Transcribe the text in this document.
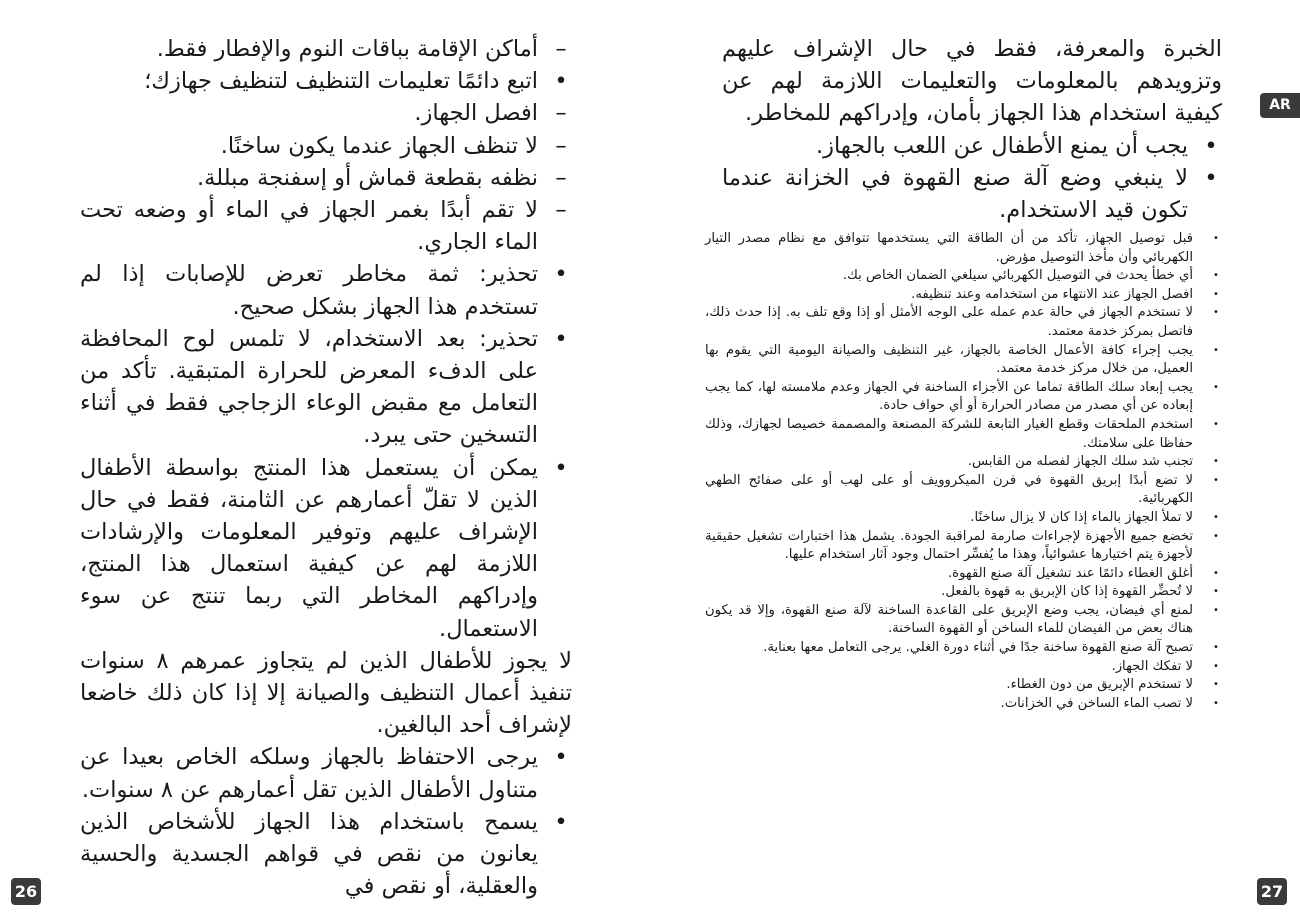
–
أماكن الإقامة بباقات النوم والإفطار فقط.
•
اتبع دائمًا تعليمات التنظيف لتنظيف جهازك؛
–
افصل الجهاز.
–
لا تنظف الجهاز عندما يكون ساخنًا.
–
نظفه بقطعة قماش أو إسفنجة مبللة.
–
لا تقم أبدًا بغمر الجهاز في الماء أو وضعه تحت الماء الجاري.
•
تحذير: ثمة مخاطر تعرض للإصابات إذا لم تستخدم هذا الجهاز بشكل صحيح.
•
تحذير: بعد الاستخدام، لا تلمس لوح المحافظة على الدفء المعرض للحرارة المتبقية. تأكد من التعامل مع مقبض الوعاء الزجاجي فقط في أثناء التسخين حتى يبرد.
•
يمكن أن يستعمل هذا المنتج بواسطة الأطفال الذين لا تقلّ أعمارهم عن الثامنة، فقط في حال الإشراف عليهم وتوفير المعلومات والإرشادات اللازمة لهم عن كيفية استعمال هذا المنتج، وإدراكهم المخاطر التي ربما تنتج عن سوء الاستعمال.
لا يجوز للأطفال الذين لم يتجاوز عمرهم ٨ سنوات تنفيذ أعمال التنظيف والصيانة إلا إذا كان ذلك خاضعا لإشراف أحد البالغين.
•
يرجى الاحتفاظ بالجهاز وسلكه الخاص بعيدا عن متناول الأطفال الذين تقل أعمارهم عن ٨ سنوات.
•
يسمح باستخدام هذا الجهاز للأشخاص الذين يعانون من نقص في قواهم الجسدية والحسية والعقلية، أو نقص في
الخبرة والمعرفة، فقط في حال الإشراف عليهم وتزويدهم بالمعلومات والتعليمات اللازمة لهم عن كيفية استخدام هذا الجهاز بأمان، وإدراكهم للمخاطر.
•
يجب أن يمنع الأطفال عن اللعب بالجهاز.
•
لا ينبغي وضع آلة صنع القهوة في الخزانة عندما تكون قيد الاستخدام.
•
قبل توصيل الجهاز، تأكد من أن الطاقة التي يستخدمها تتوافق مع نظام مصدر التيار الكهربائي وأن مأخذ التوصيل مؤرض.
•
أي خطأ يحدث في التوصيل الكهربائي سيلغي الضمان الخاص بك.
•
افصل الجهاز عند الانتهاء من استخدامه وعند تنظيفه.
•
لا تستخدم الجهاز في حالة عدم عمله على الوجه الأمثل أو إذا وقع تلف به. إذا حدث ذلك، فاتصل بمركز خدمة معتمد.
•
يجب إجراء كافة الأعمال الخاصة بالجهاز، غير التنظيف والصيانة اليومية التي يقوم بها العميل، من خلال مركز خدمة معتمد.
•
يجب إبعاد سلك الطاقة تماما عن الأجزاء الساخنة في الجهاز وعدم ملامسته لها، كما يجب إبعاده عن أي مصدر من مصادر الحرارة أو أي حواف حادة.
•
استخدم الملحقات وقطع الغيار التابعة للشركة المصنعة والمصممة خصيصا لجهازك، وذلك حفاظا على سلامتك.
•
تجنب شد سلك الجهاز لفصله من القابس.
•
لا تضع أبدًا إبريق القهوة في فرن الميكروويف أو على لهب أو على صفائح الطهي الكهربائية.
•
لا تملأ الجهاز بالماء إذا كان لا يزال ساخنًا.
•
تخضع جميع الأجهزة لإجراءات صارمة لمراقبة الجودة. يشمل هذا اختبارات تشغيل حقيقية لأجهزة يتم اختيارها عشوائياً، وهذا ما يُفسِّر احتمال وجود آثار استخدام عليها.
•
أغلق الغطاء دائمًا عند تشغيل آلة صنع القهوة.
•
لا تُحضِّر القهوة إذا كان الإبريق به قهوة بالفعل.
•
لمنع أي فيضان، يجب وضع الإبريق على القاعدة الساخنة لآلة صنع القهوة، وإلا قد يكون هناك بعض من الفيضان للماء الساخن أو القهوة الساخنة.
•
تصبح آلة صنع القهوة ساخنة جدًا في أثناء دورة الغلي. يرجى التعامل معها بعناية.
•
لا تفكك الجهاز.
•
لا تستخدم الإبريق من دون الغطاء.
•
لا تصب الماء الساخن في الخزانات.
AR
26	27
